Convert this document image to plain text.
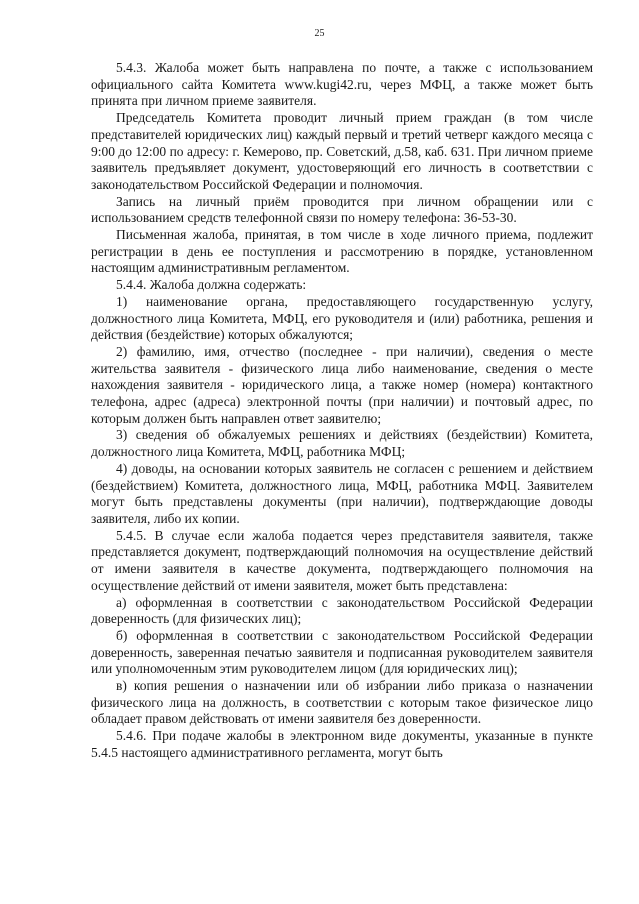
25

5.4.3. Жалоба может быть направлена по почте, а также с использованием официального сайта Комитета www.kugi42.ru, через МФЦ, а также может быть принята при личном приеме заявителя.

Председатель Комитета проводит личный прием граждан (в том числе представителей юридических лиц) каждый первый и третий четверг каждого месяца с 9:00 до 12:00 по адресу: г. Кемерово, пр. Советский, д.58, каб. 631. При личном приеме заявитель предъявляет документ, удостоверяющий его личность в соответствии с законодательством Российской Федерации и полномочия.

Запись на личный приём проводится при личном обращении или с использованием средств телефонной связи по номеру телефона: 36-53-30.

Письменная жалоба, принятая, в том числе в ходе личного приема, подлежит регистрации в день ее поступления и рассмотрению в порядке, установленном настоящим административным регламентом.

5.4.4. Жалоба должна содержать:

1) наименование органа, предоставляющего государственную услугу, должностного лица Комитета, МФЦ, его руководителя и (или) работника, решения и действия (бездействие) которых обжалуются;

2) фамилию, имя, отчество (последнее - при наличии), сведения о месте жительства заявителя - физического лица либо наименование, сведения о месте нахождения заявителя - юридического лица, а также номер (номера) контактного телефона, адрес (адреса) электронной почты (при наличии) и почтовый адрес, по которым должен быть направлен ответ заявителю;

3) сведения об обжалуемых решениях и действиях (бездействии) Комитета, должностного лица Комитета, МФЦ, работника МФЦ;

4) доводы, на основании которых заявитель не согласен с решением и действием (бездействием) Комитета, должностного лица, МФЦ, работника МФЦ. Заявителем могут быть представлены документы (при наличии), подтверждающие доводы заявителя, либо их копии.

5.4.5. В случае если жалоба подается через представителя заявителя, также представляется документ, подтверждающий полномочия на осуществление действий от имени заявителя в качестве документа, подтверждающего полномочия на осуществление действий от имени заявителя, может быть представлена:

а) оформленная в соответствии с законодательством Российской Федерации доверенность (для физических лиц);

б) оформленная в соответствии с законодательством Российской Федерации доверенность, заверенная печатью заявителя и подписанная руководителем заявителя или уполномоченным этим руководителем лицом (для юридических лиц);

в) копия решения о назначении или об избрании либо приказа о назначении физического лица на должность, в соответствии с которым такое физическое лицо обладает правом действовать от имени заявителя без доверенности.

5.4.6. При подаче жалобы в электронном виде документы, указанные в пункте 5.4.5 настоящего административного регламента, могут быть
